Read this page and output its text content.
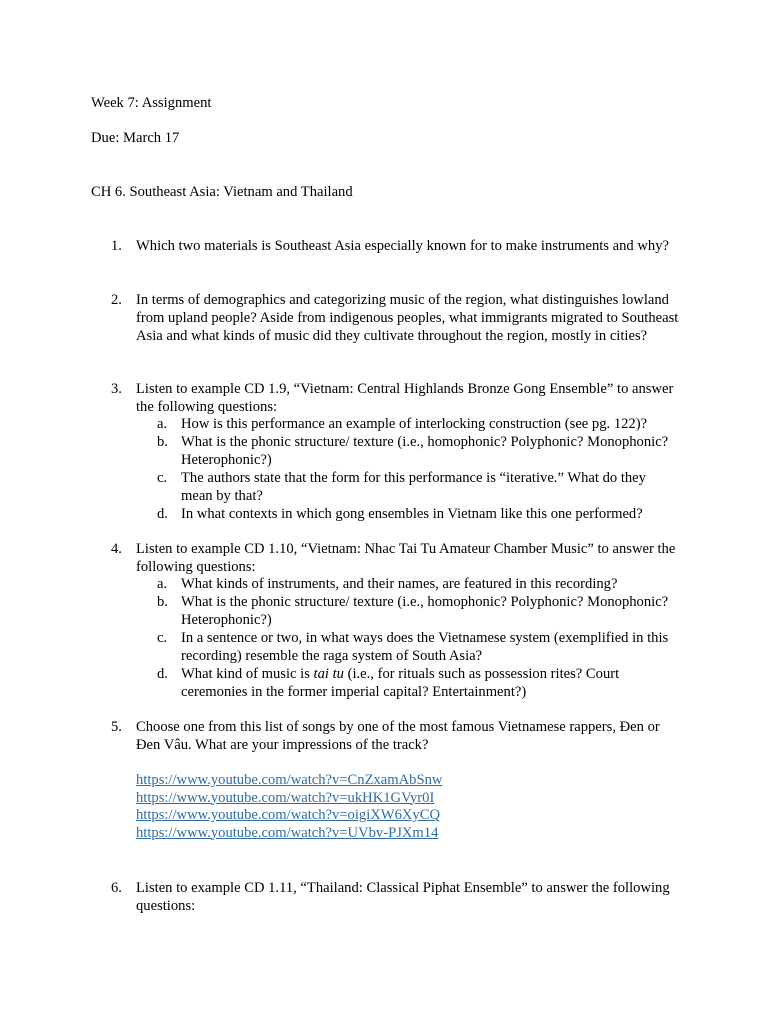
Week 7: Assignment
Due: March 17
CH 6. Southeast Asia: Vietnam and Thailand
1. Which two materials is Southeast Asia especially known for to make instruments and why?
2. In terms of demographics and categorizing music of the region, what distinguishes lowland from upland people? Aside from indigenous peoples, what immigrants migrated to Southeast Asia and what kinds of music did they cultivate throughout the region, mostly in cities?
3. Listen to example CD 1.9, “Vietnam: Central Highlands Bronze Gong Ensemble” to answer the following questions:
a. How is this performance an example of interlocking construction (see pg. 122)?
b. What is the phonic structure/ texture (i.e., homophonic? Polyphonic? Monophonic? Heterophonic?)
c. The authors state that the form for this performance is “iterative.” What do they mean by that?
d. In what contexts in which gong ensembles in Vietnam like this one performed?
4. Listen to example CD 1.10, “Vietnam: Nhac Tai Tu Amateur Chamber Music” to answer the following questions:
a. What kinds of instruments, and their names, are featured in this recording?
b. What is the phonic structure/ texture (i.e., homophonic? Polyphonic? Monophonic? Heterophonic?)
c. In a sentence or two, in what ways does the Vietnamese system (exemplified in this recording) resemble the raga system of South Asia?
d. What kind of music is tai tu (i.e., for rituals such as possession rites? Court ceremonies in the former imperial capital? Entertainment?)
5. Choose one from this list of songs by one of the most famous Vietnamese rappers, Đen or Đen Vâu. What are your impressions of the track?
https://www.youtube.com/watch?v=CnZxamAbSnw
https://www.youtube.com/watch?v=ukHK1GVyr0I
https://www.youtube.com/watch?v=oigiXW6XyCQ
https://www.youtube.com/watch?v=UVbv-PJXm14
6. Listen to example CD 1.11, “Thailand: Classical Piphat Ensemble” to answer the following questions:
